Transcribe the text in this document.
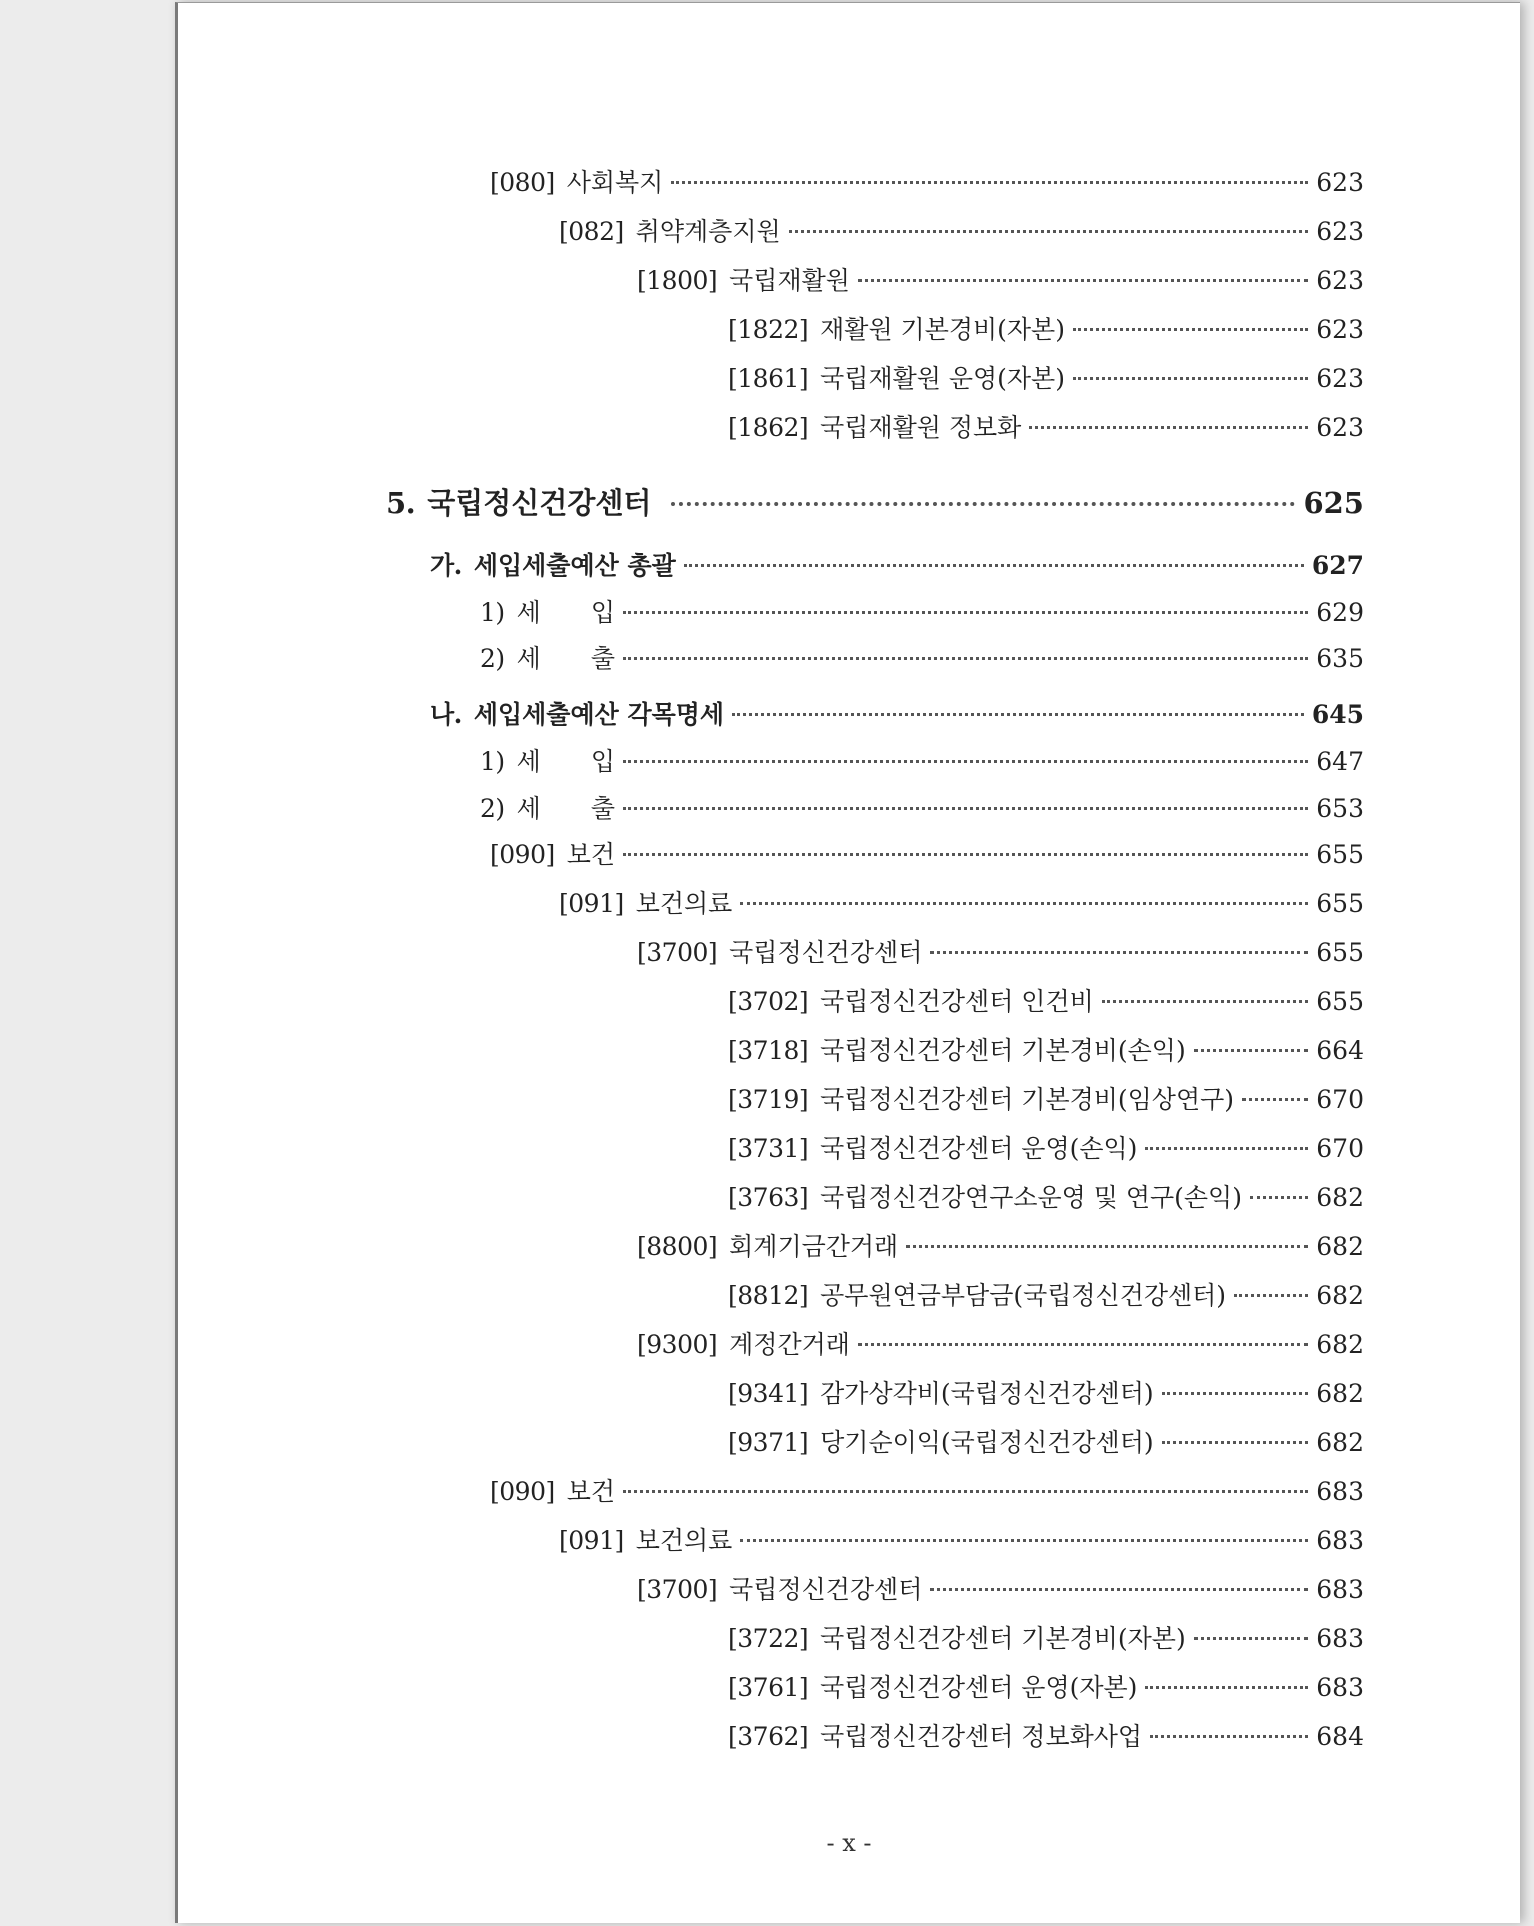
[080] 사회복지	623
[082] 취약계층지원	623
[1800] 국립재활원	623
[1822] 재활원 기본경비(자본)	623
[1861] 국립재활원 운영(자본)	623
[1862] 국립재활원 정보화	623
5. 국립정신건강센터	625
가. 세입세출예산 총괄	627
1) 세　　입	629
2) 세　　출	635
나. 세입세출예산 각목명세	645
1) 세　　입	647
2) 세　　출	653
[090] 보건	655
[091] 보건의료	655
[3700] 국립정신건강센터	655
[3702] 국립정신건강센터 인건비	655
[3718] 국립정신건강센터 기본경비(손익)	664
[3719] 국립정신건강센터 기본경비(임상연구)	670
[3731] 국립정신건강센터 운영(손익)	670
[3763] 국립정신건강연구소운영 및 연구(손익)	682
[8800] 회계기금간거래	682
[8812] 공무원연금부담금(국립정신건강센터)	682
[9300] 계정간거래	682
[9341] 감가상각비(국립정신건강센터)	682
[9371] 당기순이익(국립정신건강센터)	682
[090] 보건	683
[091] 보건의료	683
[3700] 국립정신건강센터	683
[3722] 국립정신건강센터 기본경비(자본)	683
[3761] 국립정신건강센터 운영(자본)	683
[3762] 국립정신건강센터 정보화사업	684
- x -
